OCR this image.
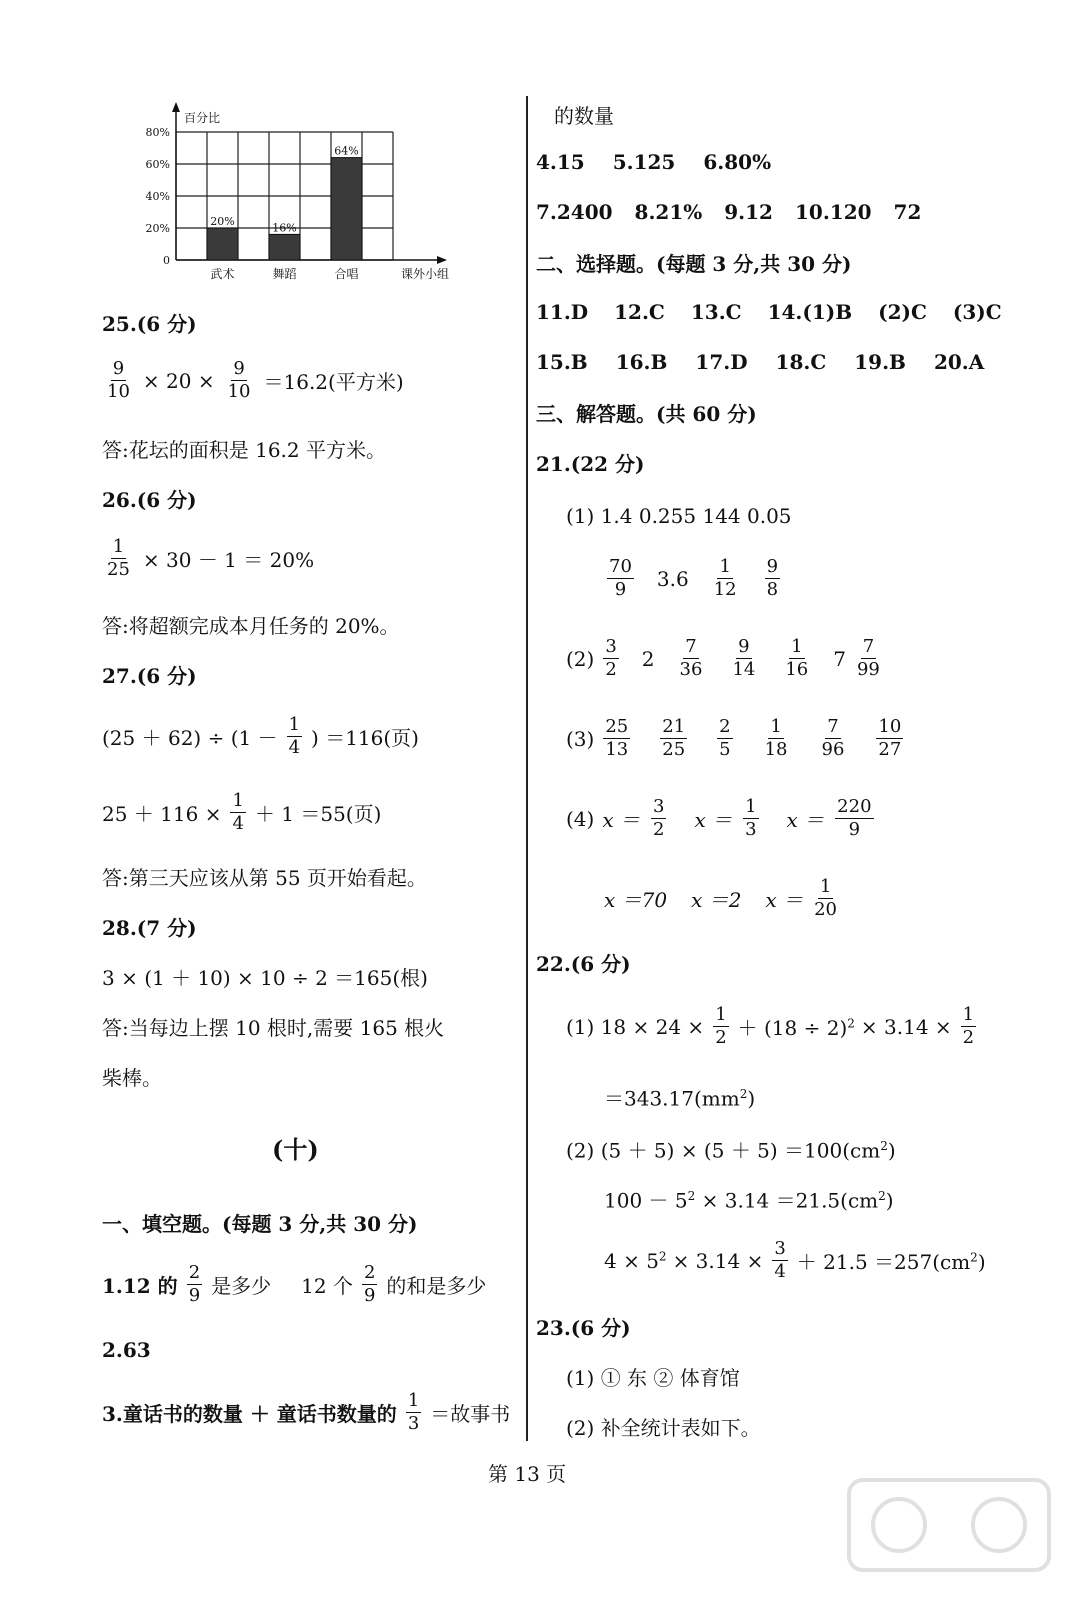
0
20%
40%
60%
80%
百分比
课外小组
20%
武术
16%
舞蹈
64%
合唱
25.(6 分)
$\frac{9}{10} \times 20 \times \frac{9}{10} =16.2$(平方米)
答:花坛的面积是 16.2 平方米。
26.(6 分)
$\frac{1}{25} \times 30 - 1 = 20\%$
答:将超额完成本月任务的 20%。
27.(6 分)
$(25 + 62) \div (1 - \frac{1}{4}$ ) ＝116(页)
$25 + 116 \times \frac{1}{4} + 1 =55$(页)
答:第三天应该从第 55 页开始看起。
28.(7 分)
3 × (1 ＋ 10) × 10 ÷ 2 ＝165(根)
答:当每边上摆 10 根时,需要 165 根火
柴棒。
(十)
一、填空题。(每题 3 分,共 30 分)
1.12 的 $\frac{2}{9}$ 是多少 12 个 $\frac{2}{9}$ 的和是多少
2.63
3.童话书的数量 ＋ 童话书数量的 $\frac{1}{3}$ ＝故事书
的数量
4.15 5.125 6.80%
7.2400 8.21% 9.12 10.120 72
二、选择题。(每题 3 分,共 30 分)
11.D 12.C 13.C 14.(1)B (2)C (3)C
15.B 16.B 17.D 18.C 19.B 20.A
三、解答题。(共 60 分)
21.(22 分)
(1) 1.4 0.255 144 0.05
$\frac{70}{9} 3.6 \frac{1}{12} \frac{9}{8}$
$(2) \frac{3}{2} 2 \frac{7}{36} \frac{9}{14} \frac{1}{16} 7 \frac{7}{99}$
$(3) \frac{25}{13} \frac{21}{25} \frac{2}{5} \frac{1}{18} \frac{7}{96} \frac{10}{27}$
(4) $x = \frac{3}{2}$ $x = \frac{1}{3}$ $x = \frac{220}{9}$
x ＝70 x ＝2 $x = \frac{1}{20}$
22.(6 分)
(1) $18 \times 24 \times \frac{1}{2} + (18 \div 2)^2 \times 3.14 \times \frac{1}{2}$
$=343.17(mm^2)$
(2) $(5 + 5) \times (5 + 5) =100(cm^2)$
$100 - 5^2 \times 3.14 =21.5(cm^2)$
$4 \times 5^2 \times 3.14 \times \frac{3}{4} + 21.5 =257(cm^2)$
23.(6 分)
(1) ① 东 ② 体育馆
(2) 补全统计表如下。
第 13 页
